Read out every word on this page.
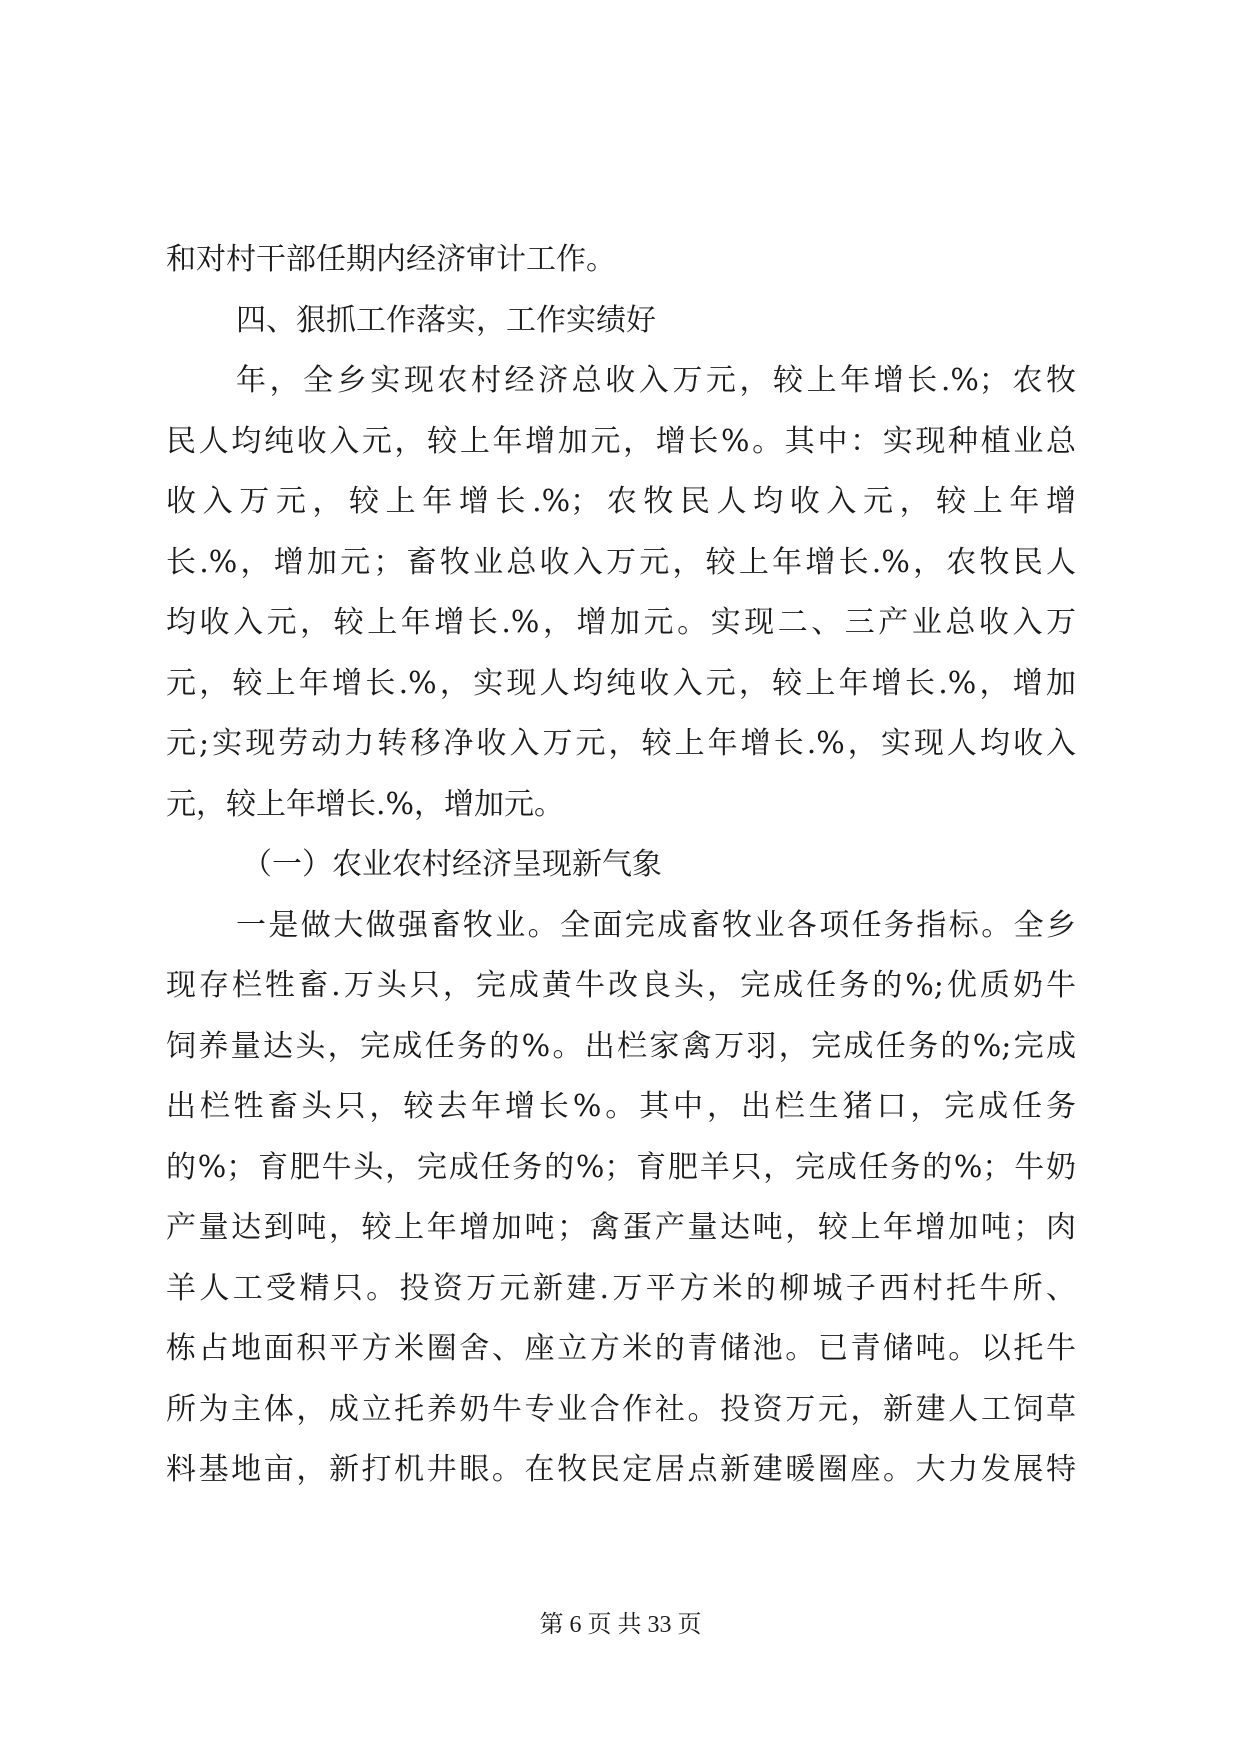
和对村干部任期内经济审计工作。
四、狠抓工作落实，工作实绩好
年，全乡实现农村经济总收入万元，较上年增长.%；农牧
民人均纯收入元，较上年增加元，增长%。其中：实现种植业总
收入万元，较上年增长.%；农牧民人均收入元，较上年增
长.%，增加元；畜牧业总收入万元，较上年增长.%，农牧民人
均收入元，较上年增长.%，增加元。实现二、三产业总收入万
元，较上年增长.%，实现人均纯收入元，较上年增长.%，增加
元;实现劳动力转移净收入万元，较上年增长.%，实现人均收入
元，较上年增长.%，增加元。
（一）农业农村经济呈现新气象
一是做大做强畜牧业。全面完成畜牧业各项任务指标。全乡
现存栏牲畜.万头只，完成黄牛改良头，完成任务的%;优质奶牛
饲养量达头，完成任务的%。出栏家禽万羽，完成任务的%;完成
出栏牲畜头只，较去年增长%。其中，出栏生猪口，完成任务
的%；育肥牛头，完成任务的%；育肥羊只，完成任务的%；牛奶
产量达到吨，较上年增加吨；禽蛋产量达吨，较上年增加吨；肉
羊人工受精只。投资万元新建.万平方米的柳城子西村托牛所、
栋占地面积平方米圈舍、座立方米的青储池。已青储吨。以托牛
所为主体，成立托养奶牛专业合作社。投资万元，新建人工饲草
料基地亩，新打机井眼。在牧民定居点新建暖圈座。大力发展特
第 6 页 共 33 页
